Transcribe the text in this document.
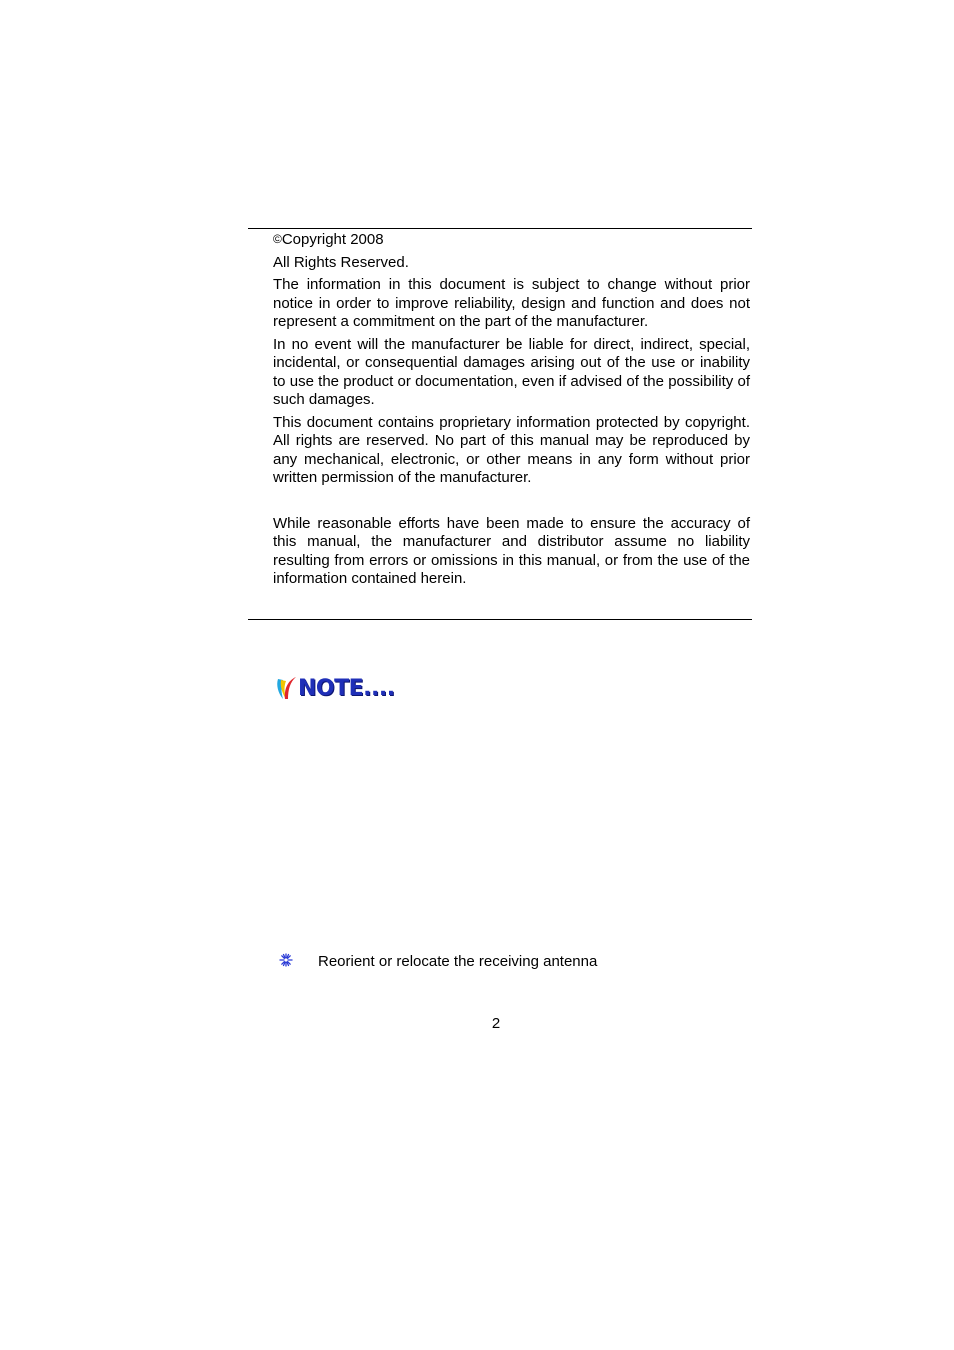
©Copyright 2008

All Rights Reserved.

The information in this document is subject to change without prior notice in order to improve reliability, design and function and does not represent a commitment on the part of the manufacturer.

In no event will the manufacturer be liable for direct, indirect, special, incidental, or consequential damages arising out of the use or inability to use the product or documentation, even if advised of the possibility of such damages.

This document contains proprietary information protected by copyright. All rights are reserved. No part of this manual may be reproduced by any mechanical, electronic, or other means in any form without prior written permission of the manufacturer.

While reasonable efforts have been made to ensure the accuracy of this manual, the manufacturer and distributor assume no liability resulting from errors or omissions in this manual, or from the use of the information contained herein.

NOTE....
Reorient or relocate the receiving antenna
2
